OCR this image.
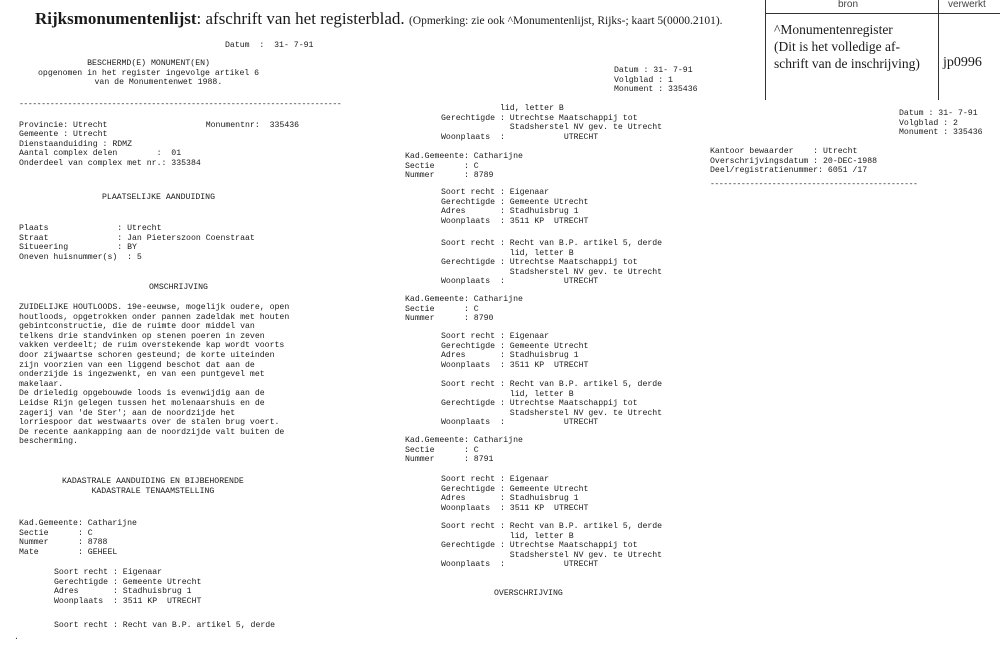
Rijksmonumentenlijst: afschrift van het registerblad. (Opmerking: zie ook ^Monumentenlijst, Rijks-; kaart 5(0000.2101).
bron	verwerkt
^Monumentenregister
(Dit is het volledige af-
schrift van de inschrijving) jp0996
Datum  :  31- 7-91
BESCHERMD(E) MONUMENT(EN)
opgenomen in het register ingevolge artikel 6
van de Monumentenwet 1988.
-------------------------------------------------------------------------
Provincie: Utrecht                    Monumentnr:  335436
Gemeente : Utrecht
Dienstaanduiding : RDMZ
Aantal complex delen        :  01
Onderdeel van complex met nr.: 335384
PLAATSELIJKE AANDUIDING
Plaats              : Utrecht
Straat              : Jan Pieterszoon Coenstraat
Situeering          : BY
Oneven huisnummer(s)  : 5
OMSCHRIJVING
ZUIDELIJKE HOUTLOODS. 19e-eeuwse, mogelijk oudere, open
houtloods, opgetrokken onder pannen zadeldak met houten
gebintconstructie, die de ruimte door middel van
telkens drie standvinken op stenen poeren in zeven
vakken verdeelt; de ruim overstekende kap wordt voorts
door zijwaartse schoren gesteund; de korte uiteinden
zijn voorzien van een liggend beschot dat aan de
onderzijde is ingezwenkt, en van een puntgevel met
makelaar.
De drieledig opgebouwde loods is evenwijdig aan de
Leidse Rijn gelegen tussen het molenaarshuis en de
zagerij van 'de Ster'; aan de noordzijde het
lorriespoor dat westwaarts over de stalen brug voert.
De recente aankapping aan de noordzijde valt buiten de
bescherming.
KADASTRALE AANDUIDING EN BIJBEHORENDE
KADASTRALE TENAAMSTELLING
Kad.Gemeente: Catharijne
Sectie      : C
Nummer      : 8788
Mate        : GEHEEL
Soort recht : Eigenaar
Gerechtigde : Gemeente Utrecht
Adres       : Stadhuisbrug 1
Woonplaats  : 3511 KP  UTRECHT
Soort recht : Recht van B.P. artikel 5, derde
.
Datum : 31- 7-91
Volgblad : 1
Monument : 335436
lid, letter B
Gerechtigde : Utrechtse Maatschappij tot
Stadsherstel NV gev. te Utrecht
Woonplaats  :            UTRECHT
Kad.Gemeente: Catharijne
Sectie      : C
Nummer      : 8789
Soort recht : Eigenaar
Gerechtigde : Gemeente Utrecht
Adres       : Stadhuisbrug 1
Woonplaats  : 3511 KP  UTRECHT
Soort recht : Recht van B.P. artikel 5, derde
lid, letter B
Gerechtigde : Utrechtse Maatschappij tot
Stadsherstel NV gev. te Utrecht
Woonplaats  :            UTRECHT
Kad.Gemeente: Catharijne
Sectie      : C
Nummer      : 8790
Soort recht : Eigenaar
Gerechtigde : Gemeente Utrecht
Adres       : Stadhuisbrug 1
Woonplaats  : 3511 KP  UTRECHT
Soort recht : Recht van B.P. artikel 5, derde
lid, letter B
Gerechtigde : Utrechtse Maatschappij tot
Stadsherstel NV gev. te Utrecht
Woonplaats  :            UTRECHT
Kad.Gemeente: Catharijne
Sectie      : C
Nummer      : 8791
Soort recht : Eigenaar
Gerechtigde : Gemeente Utrecht
Adres       : Stadhuisbrug 1
Woonplaats  : 3511 KP  UTRECHT
Soort recht : Recht van B.P. artikel 5, derde
lid, letter B
Gerechtigde : Utrechtse Maatschappij tot
Stadsherstel NV gev. te Utrecht
Woonplaats  :            UTRECHT
OVERSCHRIJVING
Datum : 31- 7-91
Volgblad : 2
Monument : 335436
Kantoor bewaarder    : Utrecht
Overschrijvingsdatum : 20-DEC-1988
Deel/registratienummer: 6051 /17
-----------------------------------------------
